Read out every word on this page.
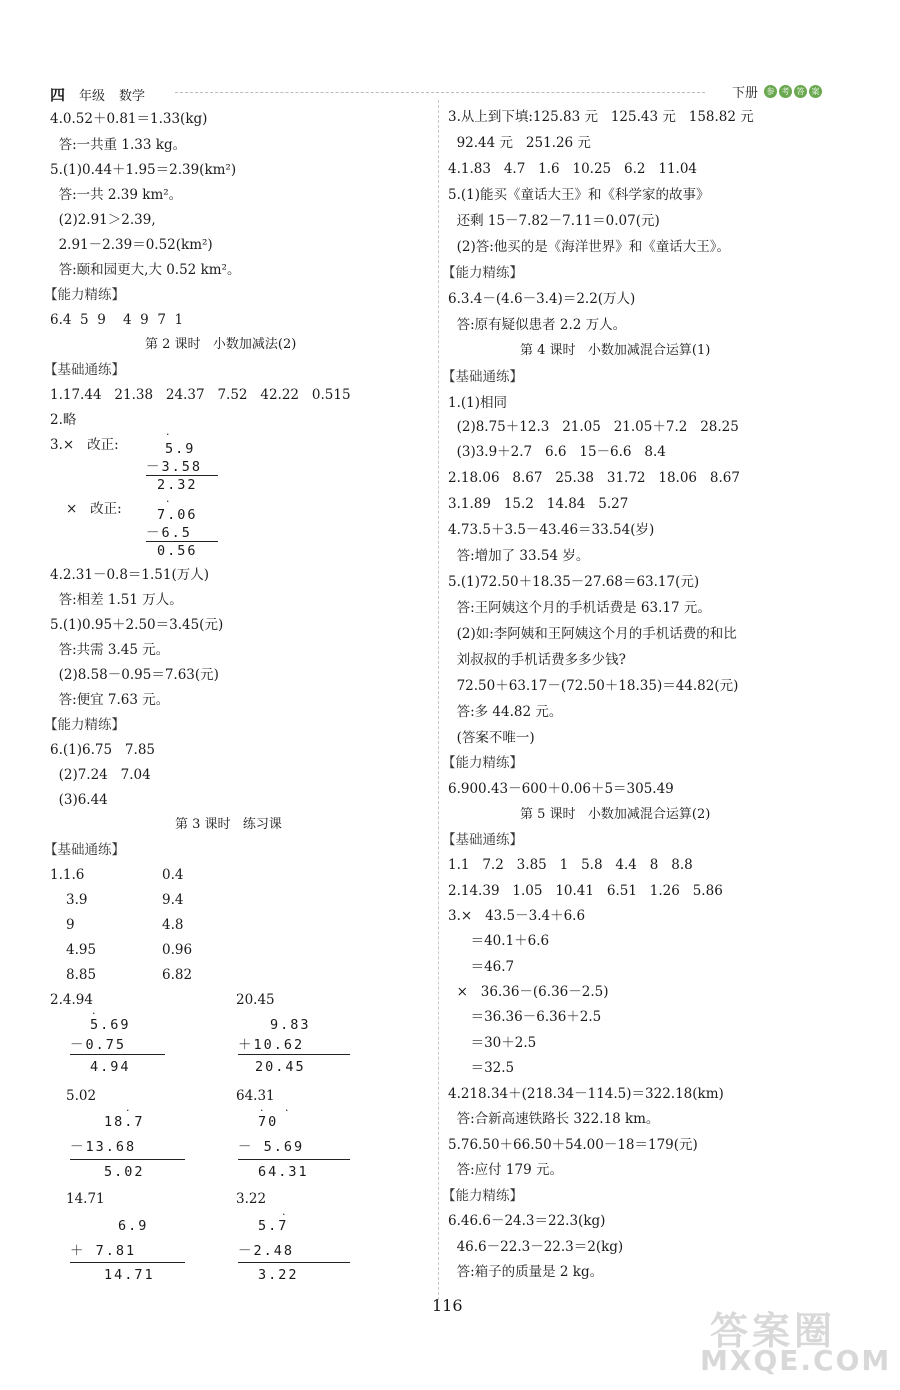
四 年级 数学	下册	参 考 答 案
4.0.52＋0.81＝1.33(kg)
答:一共重 1.33 kg。
5.(1)0.44＋1.95＝2.39(km²)
答:一共 2.39 km²。
(2)2.91＞2.39,
2.91－2.39＝0.52(km²)
答:颐和园更大,大 0.52 km²。
【能力精练】
6.4  5  9    4  9  7  1
第 2 课时   小数加减法(2)
【基础通练】
1.17.44   21.38   24.37   7.52   42.22   0.515
2.略
3.×   改正:
×   改正:
·
5.9
－3.58
2.32
·
7.06
－6.5
0.56
4.2.31－0.8＝1.51(万人)
答:相差 1.51 万人。
5.(1)0.95＋2.50＝3.45(元)
答:共需 3.45 元。
(2)8.58－0.95＝7.63(元)
答:便宜 7.63 元。
【能力精练】
6.(1)6.75   7.85
(2)7.24   7.04
(3)6.44
第 3 课时   练习课
【基础通练】
1.1.6	0.4
3.9	9.4
9	4.8
4.95	0.96
8.85	6.82
2.4.94	20.45
·
5.69
－0.75
4.94
9.83
＋10.62
20.45
5.02	64.31
·
18.7
－13.68
5.02
· ·
70
－ 5.69
64.31
14.71	3.22
6.9
＋ 7.81
14.71
·
5.7
－2.48
3.22
3.从上到下填:125.83 元   125.43 元   158.82 元
92.44 元   251.26 元
4.1.83   4.7   1.6   10.25   6.2   11.04
5.(1)能买《童话大王》和《科学家的故事》
还剩 15－7.82－7.11＝0.07(元)
(2)答:他买的是《海洋世界》和《童话大王》。
【能力精练】
6.3.4－(4.6－3.4)＝2.2(万人)
答:原有疑似患者 2.2 万人。
第 4 课时   小数加减混合运算(1)
【基础通练】
1.(1)相同
(2)8.75＋12.3   21.05   21.05＋7.2   28.25
(3)3.9＋2.7   6.6   15－6.6   8.4
2.18.06   8.67   25.38   31.72   18.06   8.67
3.1.89   15.2   14.84   5.27
4.73.5＋3.5－43.46＝33.54(岁)
答:增加了 33.54 岁。
5.(1)72.50＋18.35－27.68＝63.17(元)
答:王阿姨这个月的手机话费是 63.17 元。
(2)如:李阿姨和王阿姨这个月的手机话费的和比
刘叔叔的手机话费多多少钱?
72.50＋63.17－(72.50＋18.35)＝44.82(元)
答:多 44.82 元。
(答案不唯一)
【能力精练】
6.900.43－600＋0.06＋5＝305.49
第 5 课时   小数加减混合运算(2)
【基础通练】
1.1   7.2   3.85   1   5.8   4.4   8   8.8
2.14.39   1.05   10.41   6.51   1.26   5.86
3.×   43.5－3.4＋6.6
＝40.1＋6.6
＝46.7
×   36.36－(6.36－2.5)
＝36.36－6.36＋2.5
＝30＋2.5
＝32.5
4.218.34＋(218.34－114.5)＝322.18(km)
答:合新高速铁路长 322.18 km。
5.76.50＋66.50＋54.00－18＝179(元)
答:应付 179 元。
【能力精练】
6.46.6－24.3＝22.3(kg)
46.6－22.3－22.3＝2(kg)
答:箱子的质量是 2 kg。
116
答案圈
MXQE.COM
